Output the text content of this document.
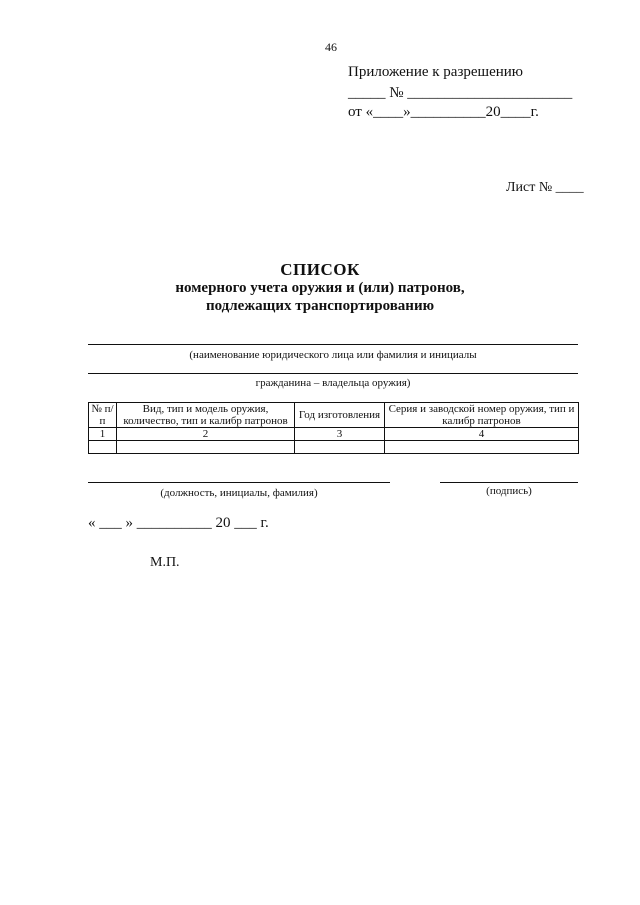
46
Приложение к разрешению
_____ № ______________________
от «____»__________20____г.
Лист № ____
СПИСОК
номерного учета оружия и (или) патронов,
подлежащих транспортированию
(наименование юридического лица или фамилия и инициалы
гражданина – владельца оружия)
№ п/п	Вид, тип и модель оружия, количество, тип и калибр патронов	Год изготовления	Серия и заводской номер оружия, тип и калибр патронов
1	2	3	4

(должность, инициалы, фамилия)	(подпись)
« ___ » __________ 20 ___ г.
М.П.
